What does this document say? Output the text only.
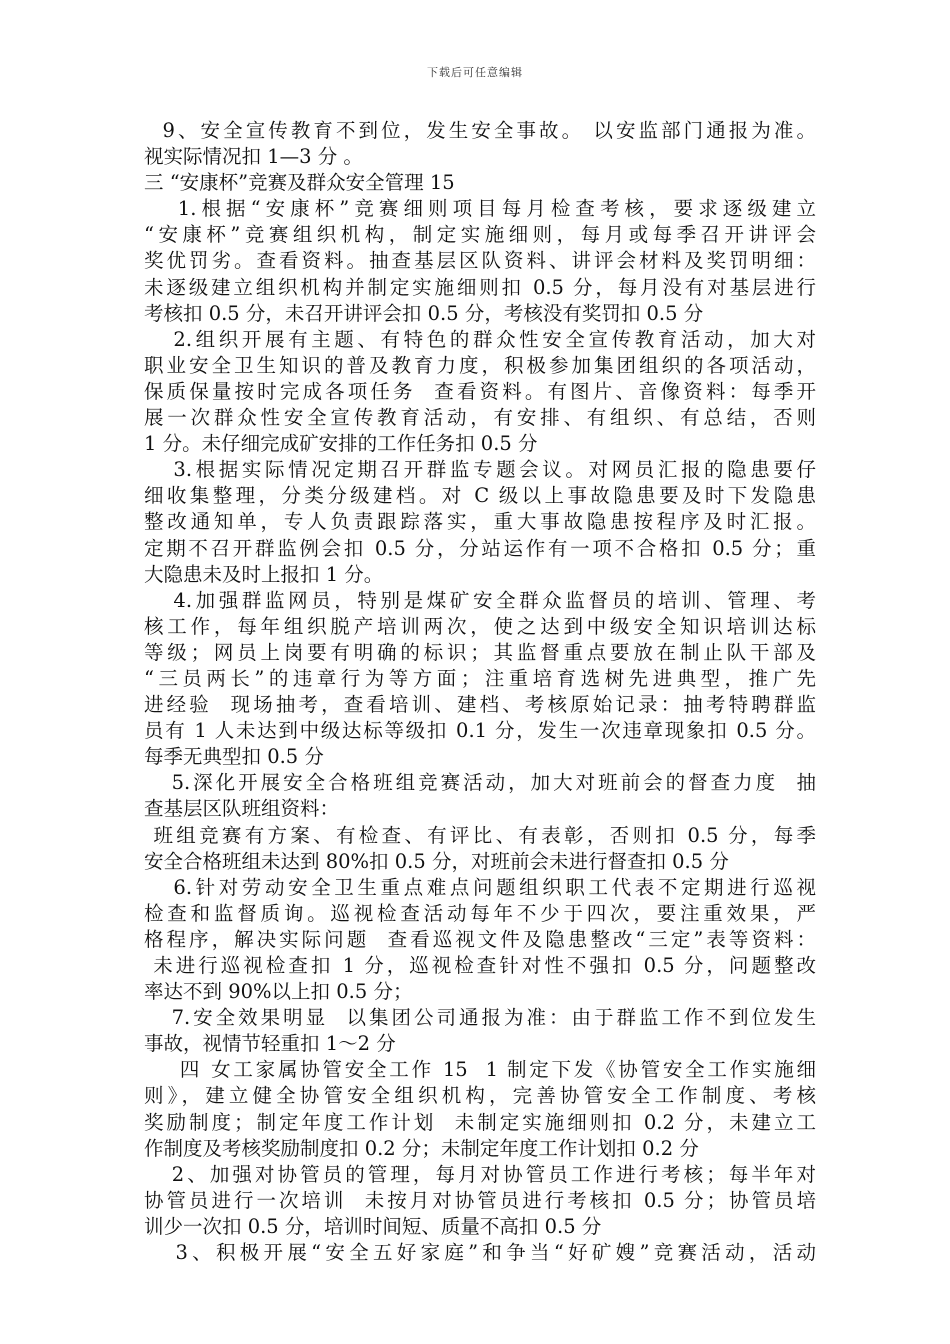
下载后可任意编辑
9、安全宣传教育不到位，发生安全事故。 以安监部门通报为准。
视实际情况扣 1—3 分 。
三 “安康杯”竞赛及群众安全管理 15
1.根据“安康杯”竞赛细则项目每月检查考核，要求逐级建立
“安康杯”竞赛组织机构，制定实施细则，每月或每季召开讲评会
奖优罚劣。查看资料。抽查基层区队资料、讲评会材料及奖罚明细：
未逐级建立组织机构并制定实施细则扣 0.5 分，每月没有对基层进行
考核扣 0.5 分，未召开讲评会扣 0.5 分，考核没有奖罚扣 0.5 分
2.组织开展有主题、有特色的群众性安全宣传教育活动，加大对
职业安全卫生知识的普及教育力度，积极参加集团组织的各项活动，
保质保量按时完成各项任务  查看资料。有图片、音像资料：每季开
展一次群众性安全宣传教育活动，有安排、有组织、有总结，否则
1 分。未仔细完成矿安排的工作任务扣 0.5 分
3.根据实际情况定期召开群监专题会议。对网员汇报的隐患要仔
细收集整理，分类分级建档。对 C 级以上事故隐患要及时下发隐患
整改通知单，专人负责跟踪落实，重大事故隐患按程序及时汇报。
定期不召开群监例会扣 0.5 分，分站运作有一项不合格扣 0.5 分；重
大隐患未及时上报扣 1 分。
4.加强群监网员，特别是煤矿安全群众监督员的培训、管理、考
核工作，每年组织脱产培训两次，使之达到中级安全知识培训达标
等级；网员上岗要有明确的标识；其监督重点要放在制止队干部及
“三员两长”的违章行为等方面；注重培育选树先进典型，推广先
进经验  现场抽考，查看培训、建档、考核原始记录：抽考特聘群监
员有 1 人未达到中级达标等级扣 0.1 分，发生一次违章现象扣 0.5 分。
每季无典型扣 0.5 分
5.深化开展安全合格班组竞赛活动，加大对班前会的督查力度  抽
查基层区队班组资料：
班组竞赛有方案、有检查、有评比、有表彰，否则扣 0.5 分，每季
安全合格班组未达到 80%扣 0.5 分，对班前会未进行督查扣 0.5 分
6.针对劳动安全卫生重点难点问题组织职工代表不定期进行巡视
检查和监督质询。巡视检查活动每年不少于四次，要注重效果，严
格程序，解决实际问题  查看巡视文件及隐患整改“三定”表等资料：
未进行巡视检查扣 1 分，巡视检查针对性不强扣 0.5 分，问题整改
率达不到 90%以上扣 0.5 分；
7.安全效果明显  以集团公司通报为准：由于群监工作不到位发生
事故，视情节轻重扣 1～2 分
四 女工家属协管安全工作 15  1 制定下发《协管安全工作实施细
则》，建立健全协管安全组织机构，完善协管安全工作制度、考核
奖励制度；制定年度工作计划  未制定实施细则扣 0.2 分，未建立工
作制度及考核奖励制度扣 0.2 分；未制定年度工作计划扣 0.2 分
2、加强对协管员的管理，每月对协管员工作进行考核；每半年对
协管员进行一次培训  未按月对协管员进行考核扣 0.5 分；协管员培
训少一次扣 0.5 分，培训时间短、质量不高扣 0.5 分
3、积极开展“安全五好家庭”和争当“好矿嫂”竞赛活动，活动
